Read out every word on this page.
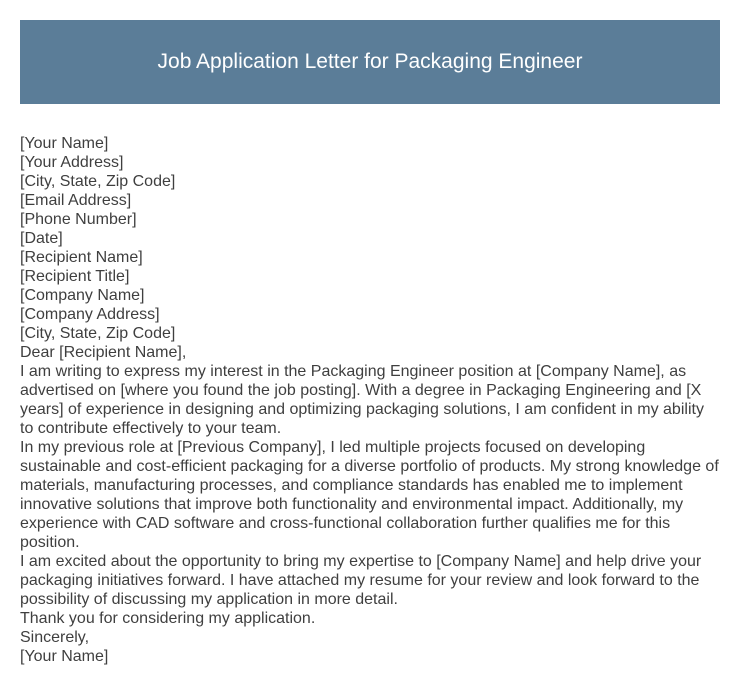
Job Application Letter for Packaging Engineer
[Your Name]
[Your Address]
[City, State, Zip Code]
[Email Address]
[Phone Number]
[Date]
[Recipient Name]
[Recipient Title]
[Company Name]
[Company Address]
[City, State, Zip Code]
Dear [Recipient Name],
I am writing to express my interest in the Packaging Engineer position at [Company Name], as advertised on [where you found the job posting]. With a degree in Packaging Engineering and [X years] of experience in designing and optimizing packaging solutions, I am confident in my ability to contribute effectively to your team.
In my previous role at [Previous Company], I led multiple projects focused on developing sustainable and cost-efficient packaging for a diverse portfolio of products. My strong knowledge of materials, manufacturing processes, and compliance standards has enabled me to implement innovative solutions that improve both functionality and environmental impact. Additionally, my experience with CAD software and cross-functional collaboration further qualifies me for this position.
I am excited about the opportunity to bring my expertise to [Company Name] and help drive your packaging initiatives forward. I have attached my resume for your review and look forward to the possibility of discussing my application in more detail.
Thank you for considering my application.
Sincerely,
[Your Name]
